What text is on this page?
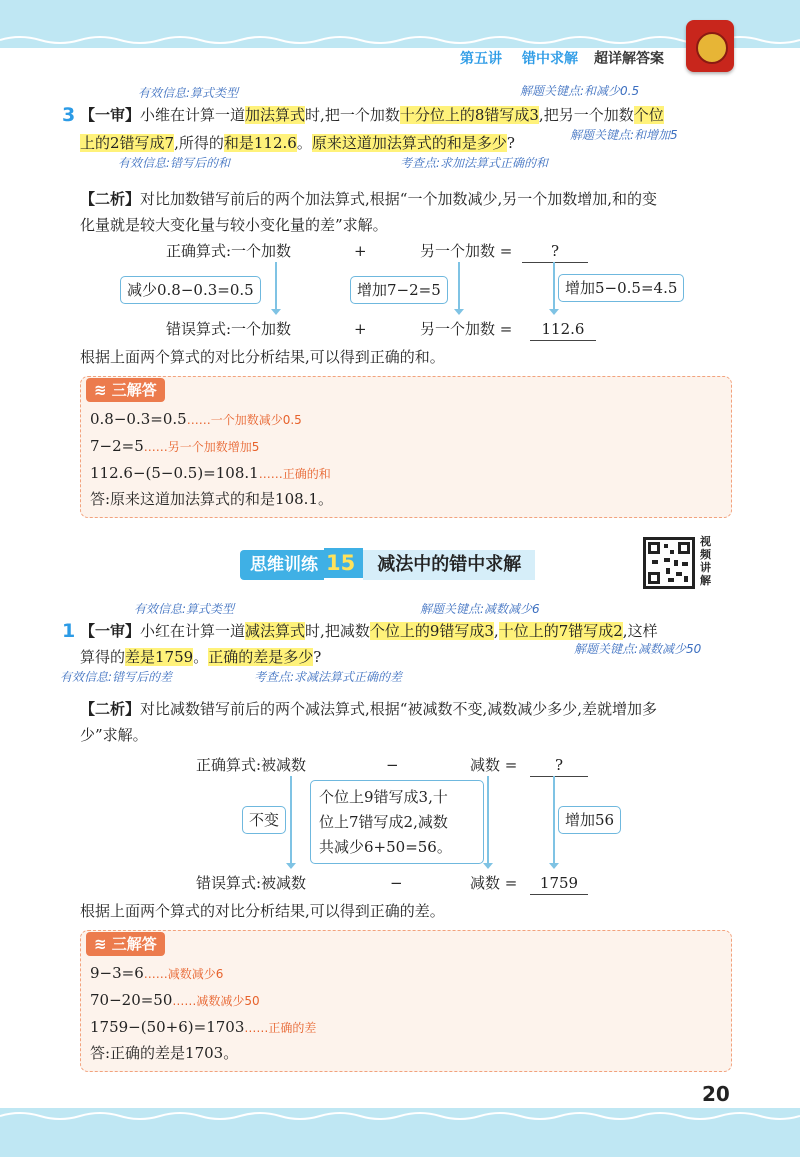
第五讲 错中求解 超详解答案
有效信息:算式类型	解题关键点:和减少0.5
3 【一审】小维在计算一道加法算式时,把一个加数十分位上的8错写成3,把另一个加数个位
上的2错写成7,所得的和是112.6。原来这道加法算式的和是多少?	解题关键点:和增加5
有效信息:错写后的和	考查点:求加法算式正确的和
【二析】对比加数错写前后的两个加法算式,根据“一个加数减少,另一个加数增加,和的变
化量就是较大变化量与较小变化量的差”求解。
正确算式:一个加数	+	另一个加数 =	?
减少0.8−0.3=0.5	增加7−2=5	增加5−0.5=4.5
错误算式:一个加数	+	另一个加数 =	112.6
根据上面两个算式的对比分析结果,可以得到正确的和。
≋ 三解答
0.8−0.3=0.5……一个加数减少0.5
7−2=5……另一个加数增加5
112.6−(5−0.5)=108.1……正确的和
答:原来这道加法算式的和是108.1。
思维训练 15 减法中的错中求解
视频讲解
有效信息:算式类型	解题关键点:减数减少6
1 【一审】小红在计算一道减法算式时,把减数个位上的9错写成3,十位上的7错写成2,这样
算得的差是1759。正确的差是多少?	解题关键点:减数减少50
有效信息:错写后的差	考查点:求减法算式正确的差
【二析】对比减数错写前后的两个减法算式,根据“被减数不变,减数减少多少,差就增加多
少”求解。
正确算式:被减数	−	减数 =	?
不变
个位上9错写成3,十
位上7错写成2,减数
共减少6+50=56。
增加56
错误算式:被减数	−	减数 =	1759
根据上面两个算式的对比分析结果,可以得到正确的差。
≋ 三解答
9−3=6……减数减少6
70−20=50……减数减少50
1759−(50+6)=1703……正确的差
答:正确的差是1703。
20
